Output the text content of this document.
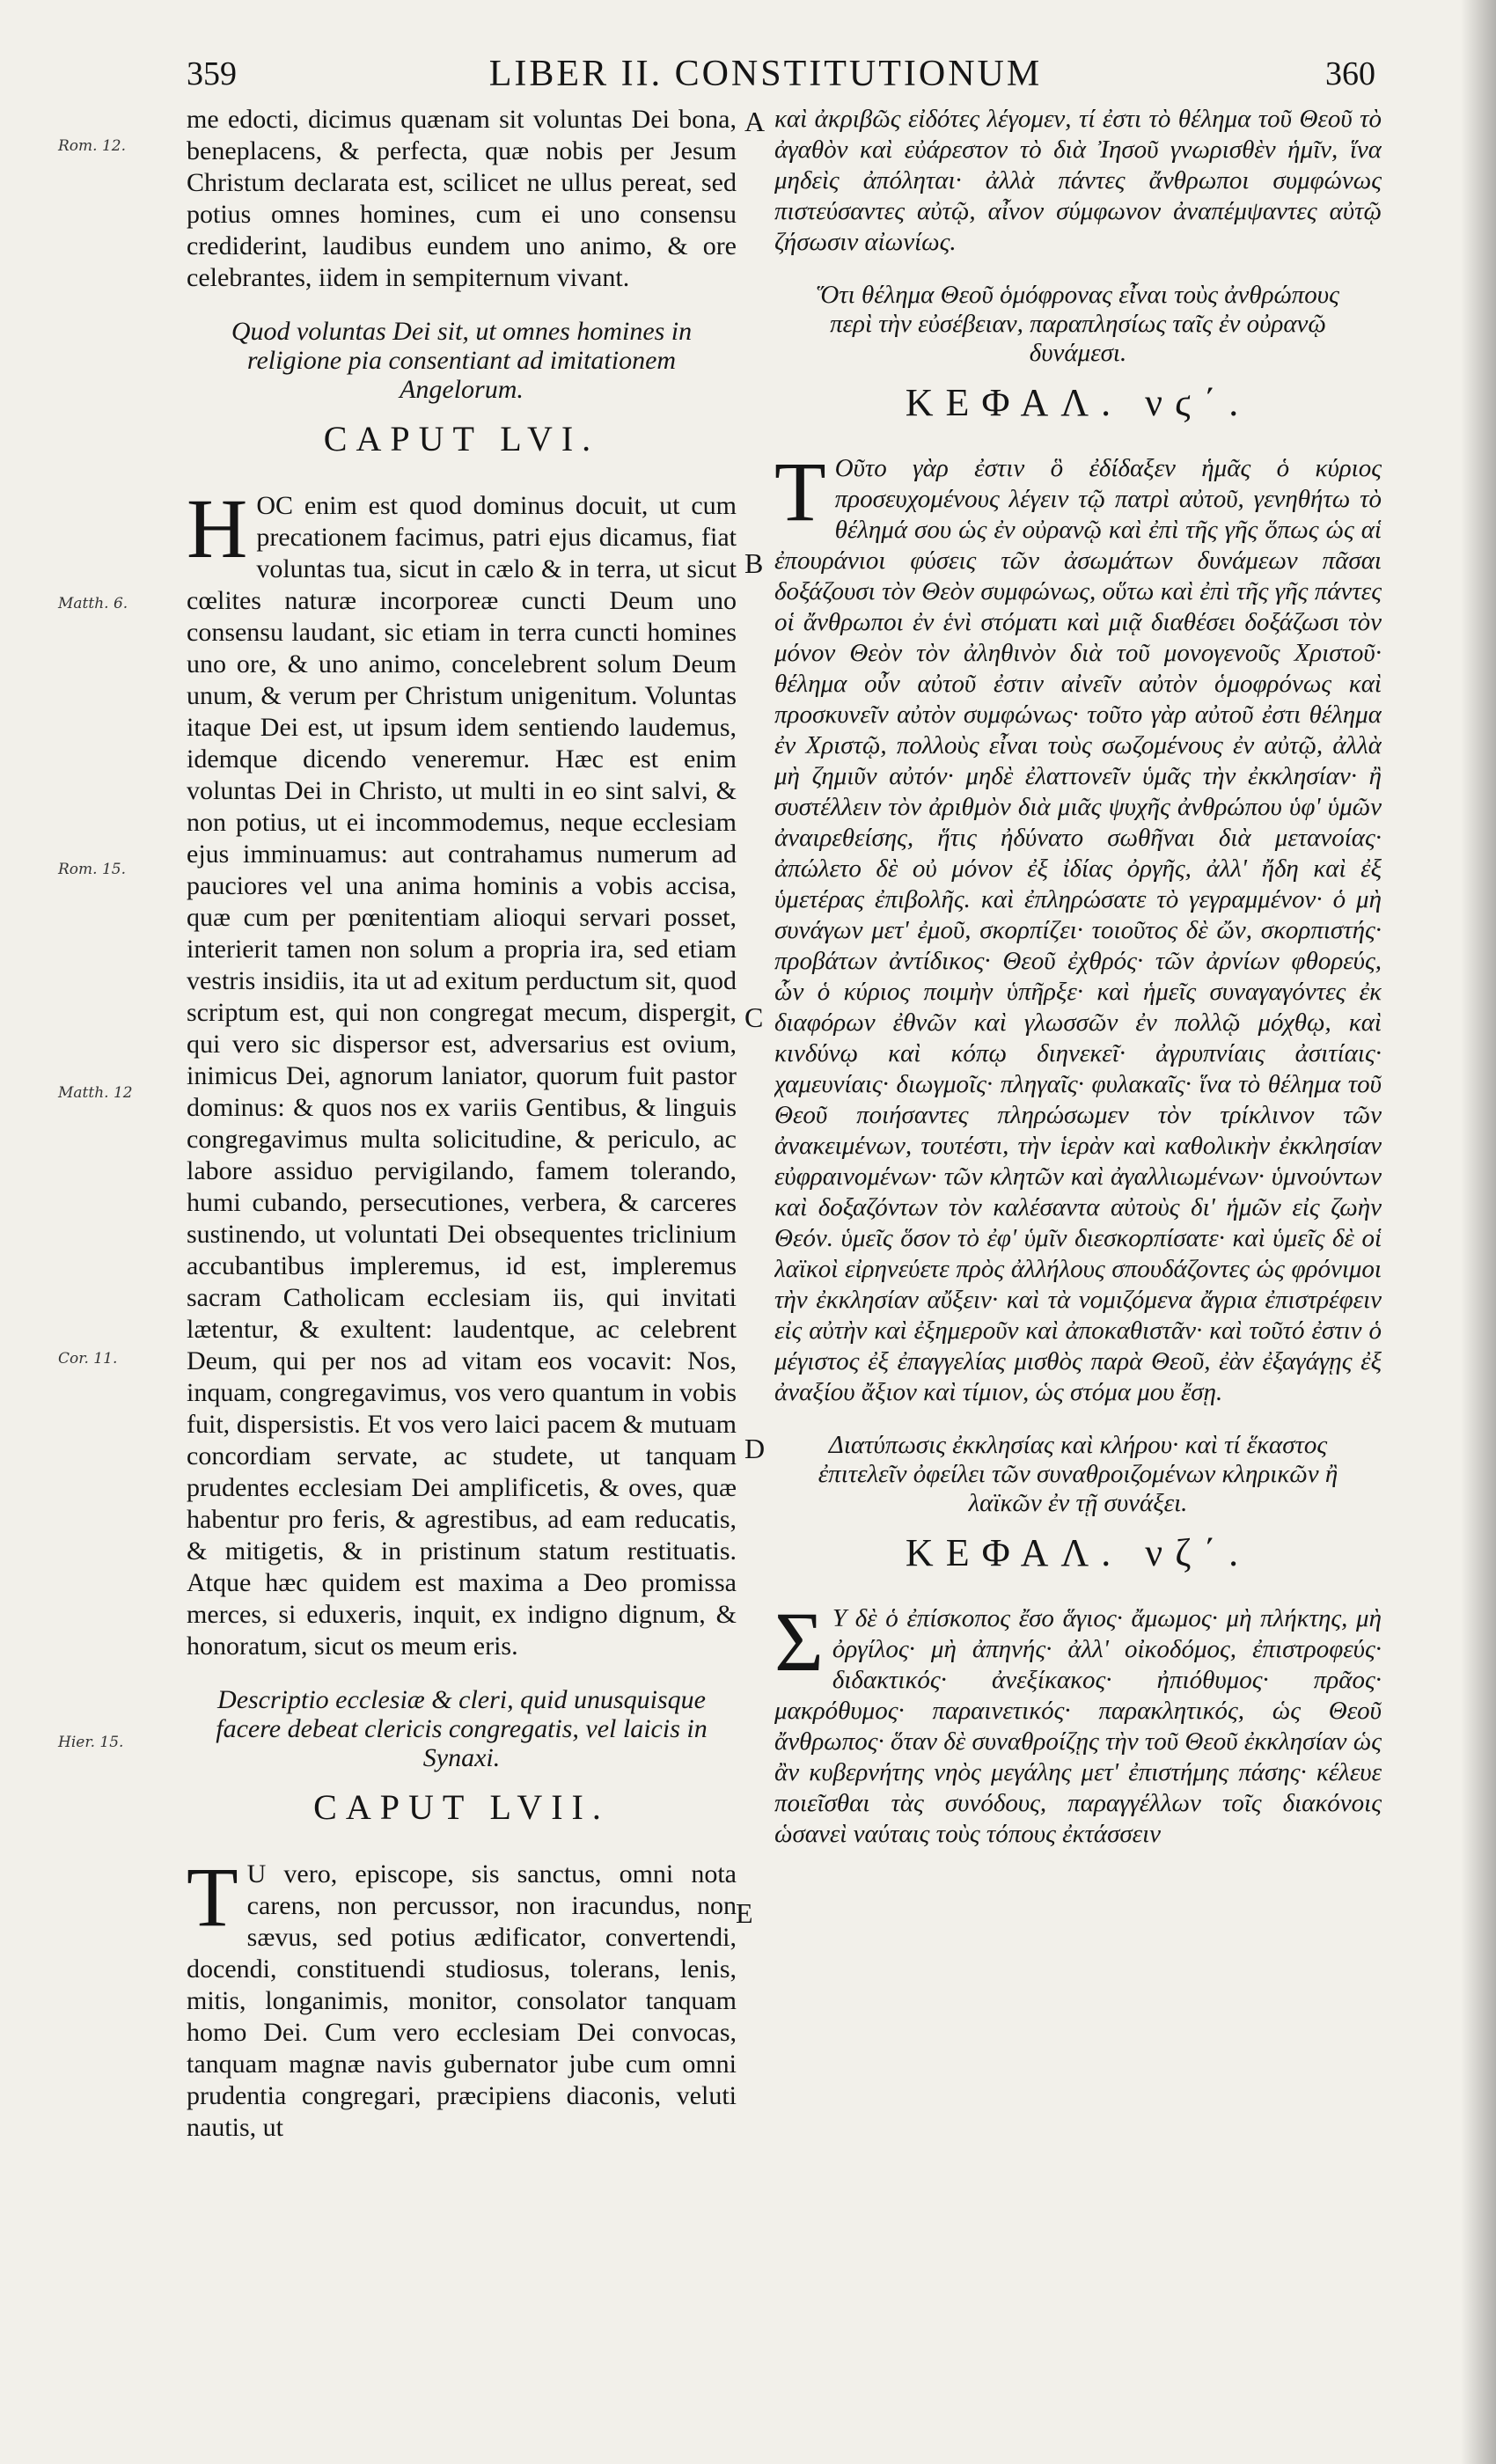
359	LIBER II. CONSTITUTIONUM	360
Rom. 12.
Matth. 6.
Rom. 15.
Matth. 12
Cor. 11.
Hier. 15.
A
B
C
D
E

me edocti, dicimus quænam sit voluntas Dei bona, beneplacens, & perfecta, quæ nobis per Jesum Christum declarata est, scilicet ne ullus pereat, sed potius omnes homines, cum ei uno consensu crediderint, laudibus eundem uno animo, & ore celebrantes, iidem in sempiternum vivant.

Quod voluntas Dei sit, ut omnes homines in religione pia consentiant ad imitationem Angelorum.
CAPUT LVI.

HOC enim est quod dominus docuit, ut cum precationem facimus, patri ejus dicamus, fiat voluntas tua, sicut in cælo & in terra, ut sicut cœlites naturæ incorporeæ cuncti Deum uno consensu laudant, sic etiam in terra cuncti homines uno ore, & uno animo, concelebrent solum Deum unum, & verum per Christum unigenitum. Voluntas itaque Dei est, ut ipsum idem sentiendo laudemus, idemque dicendo veneremur. Hæc est enim voluntas Dei in Christo, ut multi in eo sint salvi, & non potius, ut ei incommodemus, neque ecclesiam ejus imminuamus: aut contrahamus numerum ad pauciores vel una anima hominis a vobis accisa, quæ cum per pœnitentiam alioqui servari posset, interierit tamen non solum a propria ira, sed etiam vestris insidiis, ita ut ad exitum perductum sit, quod scriptum est, qui non congregat mecum, dispergit, qui vero sic dispersor est, adversarius est ovium, inimicus Dei, agnorum laniator, quorum fuit pastor dominus: & quos nos ex variis Gentibus, & linguis congregavimus multa solicitudine, & periculo, ac labore assiduo pervigilando, famem tolerando, humi cubando, persecutiones, verbera, & carceres sustinendo, ut voluntati Dei obsequentes triclinium accubantibus impleremus, id est, impleremus sacram Catholicam ecclesiam iis, qui invitati lætentur, & exultent: laudentque, ac celebrent Deum, qui per nos ad vitam eos vocavit: Nos, inquam, congregavimus, vos vero quantum in vobis fuit, dispersistis. Et vos vero laici pacem & mutuam concordiam servate, ac studete, ut tanquam prudentes ecclesiam Dei amplificetis, & oves, quæ habentur pro feris, & agrestibus, ad eam reducatis, & mitigetis, & in pristinum statum restituatis. Atque hæc quidem est maxima a Deo promissa merces, si eduxeris, inquit, ex indigno dignum, & honoratum, sicut os meum eris.

Descriptio ecclesiæ & cleri, quid unusquisque facere debeat clericis congregatis, vel laicis in Synaxi.
CAPUT LVII.

T U vero, episcope, sis sanctus, omni nota carens, non percussor, non iracundus, non sævus, sed potius ædificator, convertendi, docendi, constituendi studiosus, tolerans, lenis, mitis, longanimis, monitor, consolator tanquam homo Dei. Cum vero ecclesiam Dei convocas, tanquam magnæ navis gubernator jube cum omni prudentia congregari, præcipiens diaconis, veluti nautis, ut

καὶ ἀκριβῶς εἰδότες λέγομεν, τί ἐστι τὸ θέλημα τοῦ Θεοῦ τὸ ἀγαθὸν καὶ εὐάρεστον τὸ διὰ Ἰησοῦ γνωρισθὲν ἡμῖν, ἵνα μηδεὶς ἀπόληται· ἀλλὰ πάντες ἄνθρωποι συμφώνως πιστεύσαντες αὐτῷ, αἶνον σύμφωνον ἀναπέμψαντες αὐτῷ ζήσωσιν αἰωνίως.

Ὅτι θέλημα Θεοῦ ὁμόφρονας εἶναι τοὺς ἀνθρώπους περὶ τὴν εὐσέβειαν, παραπλησίως ταῖς ἐν οὐρανῷ δυνάμεσι.
ΚΕΦΑΛ. νϛ΄.

Τ Οῦτο γὰρ ἐστιν ὃ ἐδίδαξεν ἡμᾶς ὁ κύριος προσευχομένους λέγειν τῷ πατρὶ αὐτοῦ, γενηθήτω τὸ θέλημά σου ὡς ἐν οὐρανῷ καὶ ἐπὶ τῆς γῆς ὅπως ὡς αἱ ἐπουράνιοι φύσεις τῶν ἀσωμάτων δυνάμεων πᾶσαι δοξάζουσι τὸν Θεὸν συμφώνως, οὕτω καὶ ἐπὶ τῆς γῆς πάντες οἱ ἄνθρωποι ἐν ἑνὶ στόματι καὶ μιᾷ διαθέσει δοξάζωσι τὸν μόνον Θεὸν τὸν ἀληθινὸν διὰ τοῦ μονογενοῦς Χριστοῦ· θέλημα οὖν αὐτοῦ ἐστιν αἰνεῖν αὐτὸν ὁμοφρόνως καὶ προσκυνεῖν αὐτὸν συμφώνως· τοῦτο γὰρ αὐτοῦ ἐστι θέλημα ἐν Χριστῷ, πολλοὺς εἶναι τοὺς σωζομένους ἐν αὐτῷ, ἀλλὰ μὴ ζημιῦν αὐτόν· μηδὲ ἐλαττονεῖν ὑμᾶς τὴν ἐκκλησίαν· ἢ συστέλλειν τὸν ἀριθμὸν διὰ μιᾶς ψυχῆς ἀνθρώπου ὑφ' ὑμῶν ἀναιρεθείσης, ἥτις ἠδύνατο σωθῆναι διὰ μετανοίας· ἀπώλετο δὲ οὐ μόνον ἐξ ἰδίας ὀργῆς, ἀλλ' ἤδη καὶ ἐξ ὑμετέρας ἐπιβολῆς. καὶ ἐπληρώσατε τὸ γεγραμμένον· ὁ μὴ συνάγων μετ' ἐμοῦ, σκορπίζει· τοιοῦτος δὲ ὤν, σκορπιστής· προβάτων ἀντίδικος· Θεοῦ ἐχθρός· τῶν ἀρνίων φθορεύς, ὧν ὁ κύριος ποιμὴν ὑπῆρξε· καὶ ἡμεῖς συναγαγόντες ἐκ διαφόρων ἐθνῶν καὶ γλωσσῶν ἐν πολλῷ μόχθῳ, καὶ κινδύνῳ καὶ κόπῳ διηνεκεῖ· ἀγρυπνίαις ἀσιτίαις· χαμευνίαις· διωγμοῖς· πληγαῖς· φυλακαῖς· ἵνα τὸ θέλημα τοῦ Θεοῦ ποιήσαντες πληρώσωμεν τὸν τρίκλινον τῶν ἀνακειμένων, τουτέστι, τὴν ἱερὰν καὶ καθολικὴν ἐκκλησίαν εὐφραινομένων· τῶν κλητῶν καὶ ἀγαλλιωμένων· ὑμνούντων καὶ δοξαζόντων τὸν καλέσαντα αὐτοὺς δι' ἡμῶν εἰς ζωὴν Θεόν. ὑμεῖς ὅσον τὸ ἐφ' ὑμῖν διεσκορπίσατε· καὶ ὑμεῖς δὲ οἱ λαϊκοὶ εἰρηνεύετε πρὸς ἀλλήλους σπουδάζοντες ὡς φρόνιμοι τὴν ἐκκλησίαν αὔξειν· καὶ τὰ νομιζόμενα ἄγρια ἐπιστρέφειν εἰς αὐτὴν καὶ ἐξημεροῦν καὶ ἀποκαθιστᾶν· καὶ τοῦτό ἐστιν ὁ μέγιστος ἐξ ἐπαγγελίας μισθὸς παρὰ Θεοῦ, ἐὰν ἐξαγάγῃς ἐξ ἀναξίου ἄξιον καὶ τίμιον, ὡς στόμα μου ἔσῃ.

Διατύπωσις ἐκκλησίας καὶ κλήρου· καὶ τί ἕκαστος ἐπιτελεῖν ὀφείλει τῶν συναθροιζομένων κληρικῶν ἢ λαϊκῶν ἐν τῇ συνάξει.
ΚΕΦΑΛ. νζ΄.

Σ Υ δὲ ὁ ἐπίσκοπος ἔσο ἅγιος· ἄμωμος· μὴ πλήκτης, μὴ ὀργίλος· μὴ ἀπηνής· ἀλλ' οἰκοδόμος, ἐπιστροφεύς· διδακτικός· ἀνεξίκακος· ἠπιόθυμος· πρᾶος· μακρόθυμος· παραινετικός· παρακλητικός, ὡς Θεοῦ ἄνθρωπος· ὅταν δὲ συναθροίζῃς τὴν τοῦ Θεοῦ ἐκκλησίαν ὡς ἂν κυβερνήτης νηὸς μεγάλης μετ' ἐπιστήμης πάσης· κέλευε ποιεῖσθαι τὰς συνόδους, παραγγέλλων τοῖς διακόνοις ὡσανεὶ ναύταις τοὺς τόπους ἐκτάσσειν
